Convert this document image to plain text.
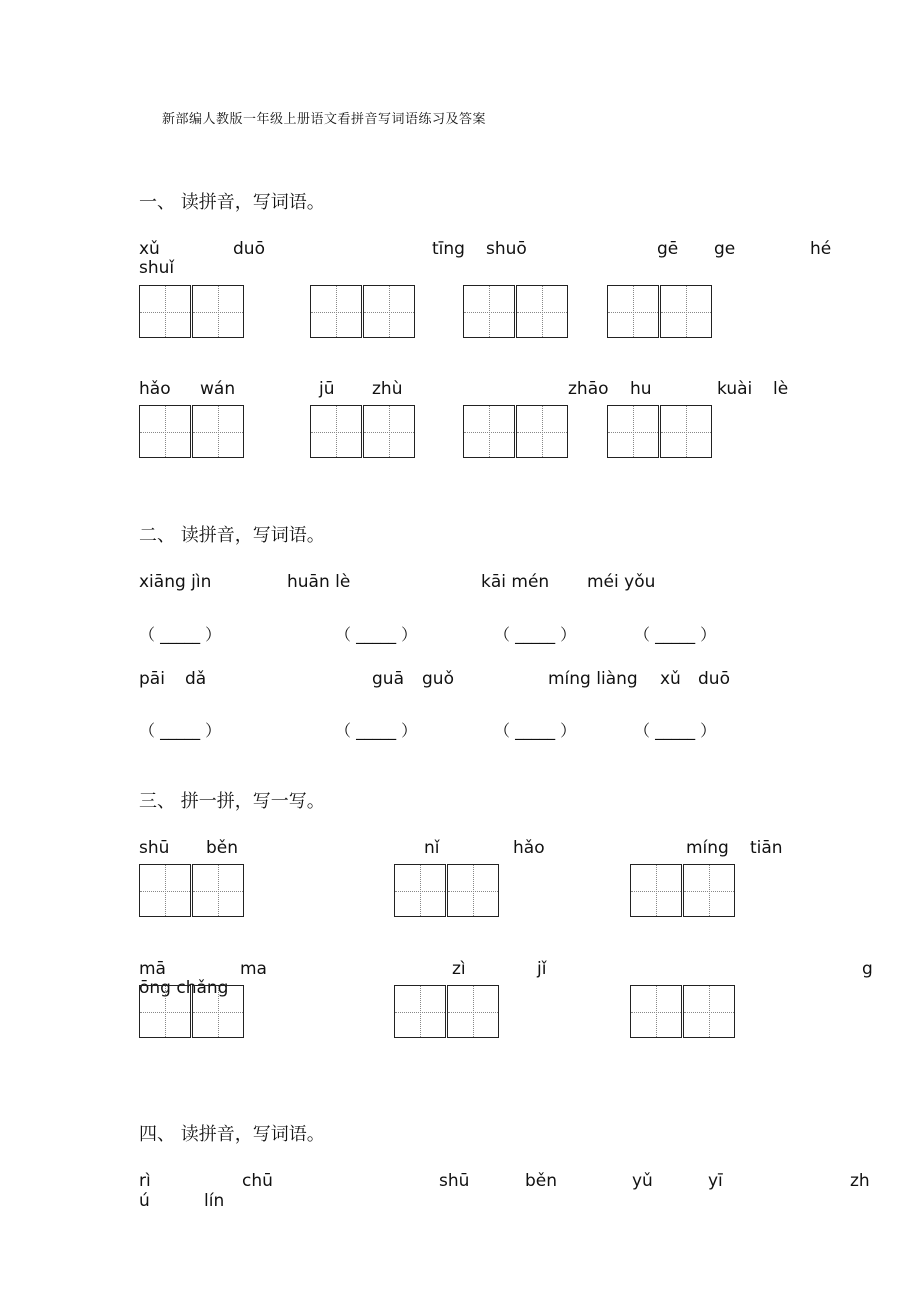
新部编人教版一年级上册语文看拼音写词语练习及答案
一、 读拼音，写词语。
xǔ	duō	tīng shuō	gē ge	hé
shuǐ
hǎo wán	jū zhù	zhāo hu	kuài lè
二、 读拼音，写词语。
xiāng jìn	huān lè	kāi mén méi yǒu
（ _____ ）	（ _____ ）	（ _____ ）	（ _____ ）
pāi dǎ	guā guǒ	míng liàng xǔ duō
（ _____ ）	（ _____ ）	（ _____ ）	（ _____ ）
三、 拼一拼，写一写。
shū běn	nǐ	hǎo	míng tiān
mā	ma	zì	jǐ	g
ōng chǎng
四、 读拼音，写词语。
rì	chū	shū	běn	yǔ	yī	zh
ú	lín
